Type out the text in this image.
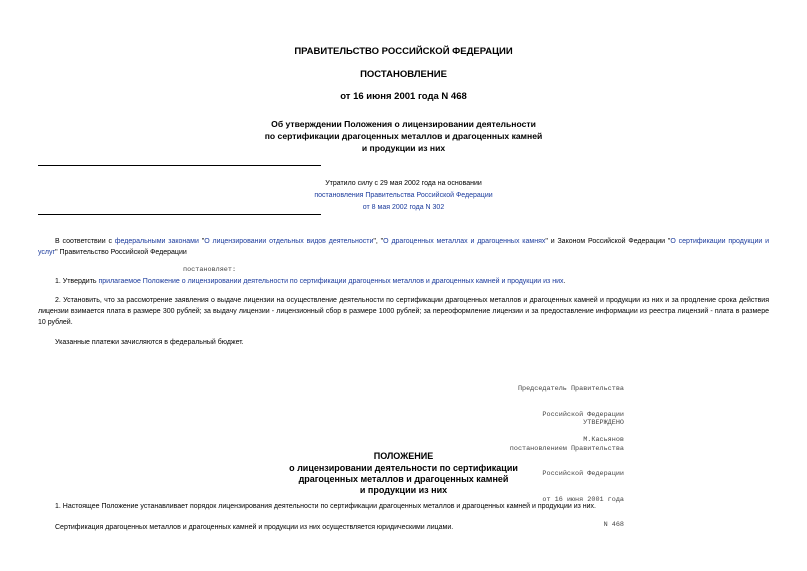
ПРАВИТЕЛЬСТВО РОССИЙСКОЙ ФЕДЕРАЦИИ
ПОСТАНОВЛЕНИЕ
от 16 июня 2001 года N 468
Об утверждении Положения о лицензировании деятельности
по сертификации драгоценных металлов и драгоценных камней
и продукции из них
Утратило силу с 29 мая 2002 года на основании
постановления Правительства Российской Федерации
от 8 мая 2002 года N 302
В соответствии с федеральными законами "О лицензировании отдельных видов деятельности", "О драгоценных металлах и драгоценных камнях" и Законом Российской Федерации "О сертификации продукции и услуг" Правительство Российской Федерации
постановляет:
1. Утвердить прилагаемое Положение о лицензировании деятельности по сертификации драгоценных металлов и драгоценных камней и продукции из них.
2. Установить, что за рассмотрение заявления о выдаче лицензии на осуществление деятельности по сертификации драгоценных металлов и драгоценных камней и продукции из них и за продление срока действия лицензии взимается плата в размере 300 рублей; за выдачу лицензии - лицензионный сбор в размере 1000 рублей; за переоформление лицензии и за предоставление информации из реестра лицензий - плата в размере 10 рублей.
Указанные платежи зачисляются в федеральный бюджет.

Председатель Правительства

Российской Федерации

М.Касьянов

УТВЕРЖДЕНО

постановлением Правительства

Российской Федерации

от 16 июня 2001 года

N 468

ПОЛОЖЕНИЕ
о лицензировании деятельности по сертификации
драгоценных металлов и драгоценных камней
и продукции из них
1. Настоящее Положение устанавливает порядок лицензирования деятельности по сертификации драгоценных металлов и драгоценных камней и продукции из них.
Сертификация драгоценных металлов и драгоценных камней и продукции из них осуществляется юридическими лицами.
